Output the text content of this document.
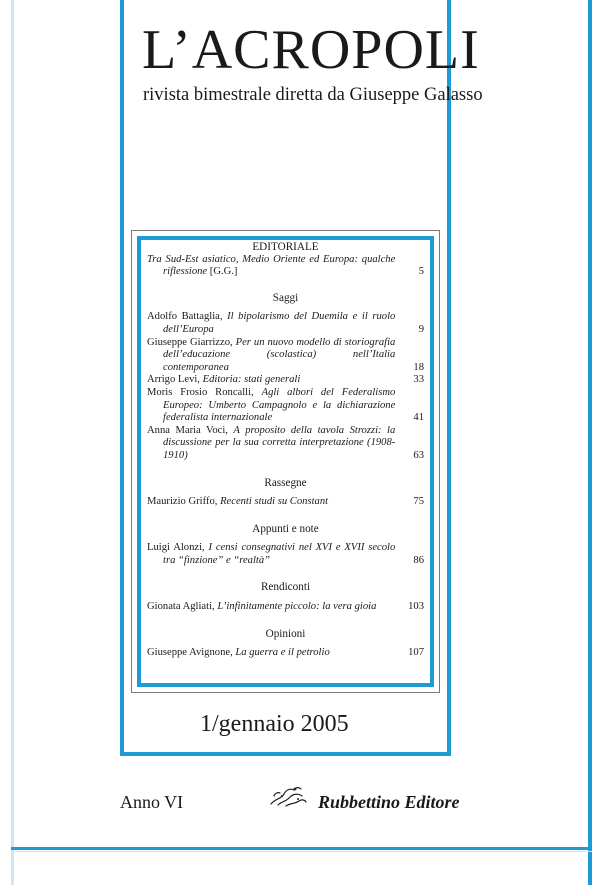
L’ACROPOLI

rivista bimestrale diretta da Giuseppe Galasso

EDITORIALE
Tra Sud-Est asiatico, Medio Oriente ed Europa: qualche riflessione [G.G.]	5
Saggi
Adolfo Battaglia, Il bipolarismo del Duemila e il ruolo dell’Europa	9
Giuseppe Giarrizzo, Per un nuovo modello di storiografia dell’educazione (scolastica) nell’Italia contemporanea	18
Arrigo Levi, Editoria: stati generali	33
Moris Frosio Roncalli, Agli albori del Federalismo Europeo: Umberto Campagnolo e la dichiarazione federalista internazionale	41
Anna Maria Voci, A proposito della tavola Strozzi: la discussione per la sua corretta interpretazione (1908-1910)	63
Rassegne
Maurizio Griffo, Recenti studi su Constant	75
Appunti e note
Luigi Alonzi, I censi consegnativi nel XVI e XVII secolo tra “finzione” e “realtà”	86
Rendiconti
Gionata Agliati, L’infinitamente piccolo: la vera gioia	103
Opinioni
Giuseppe Avignone, La guerra e il petrolio	107

1/gennaio 2005

Anno VI	Rubbettino Editore
